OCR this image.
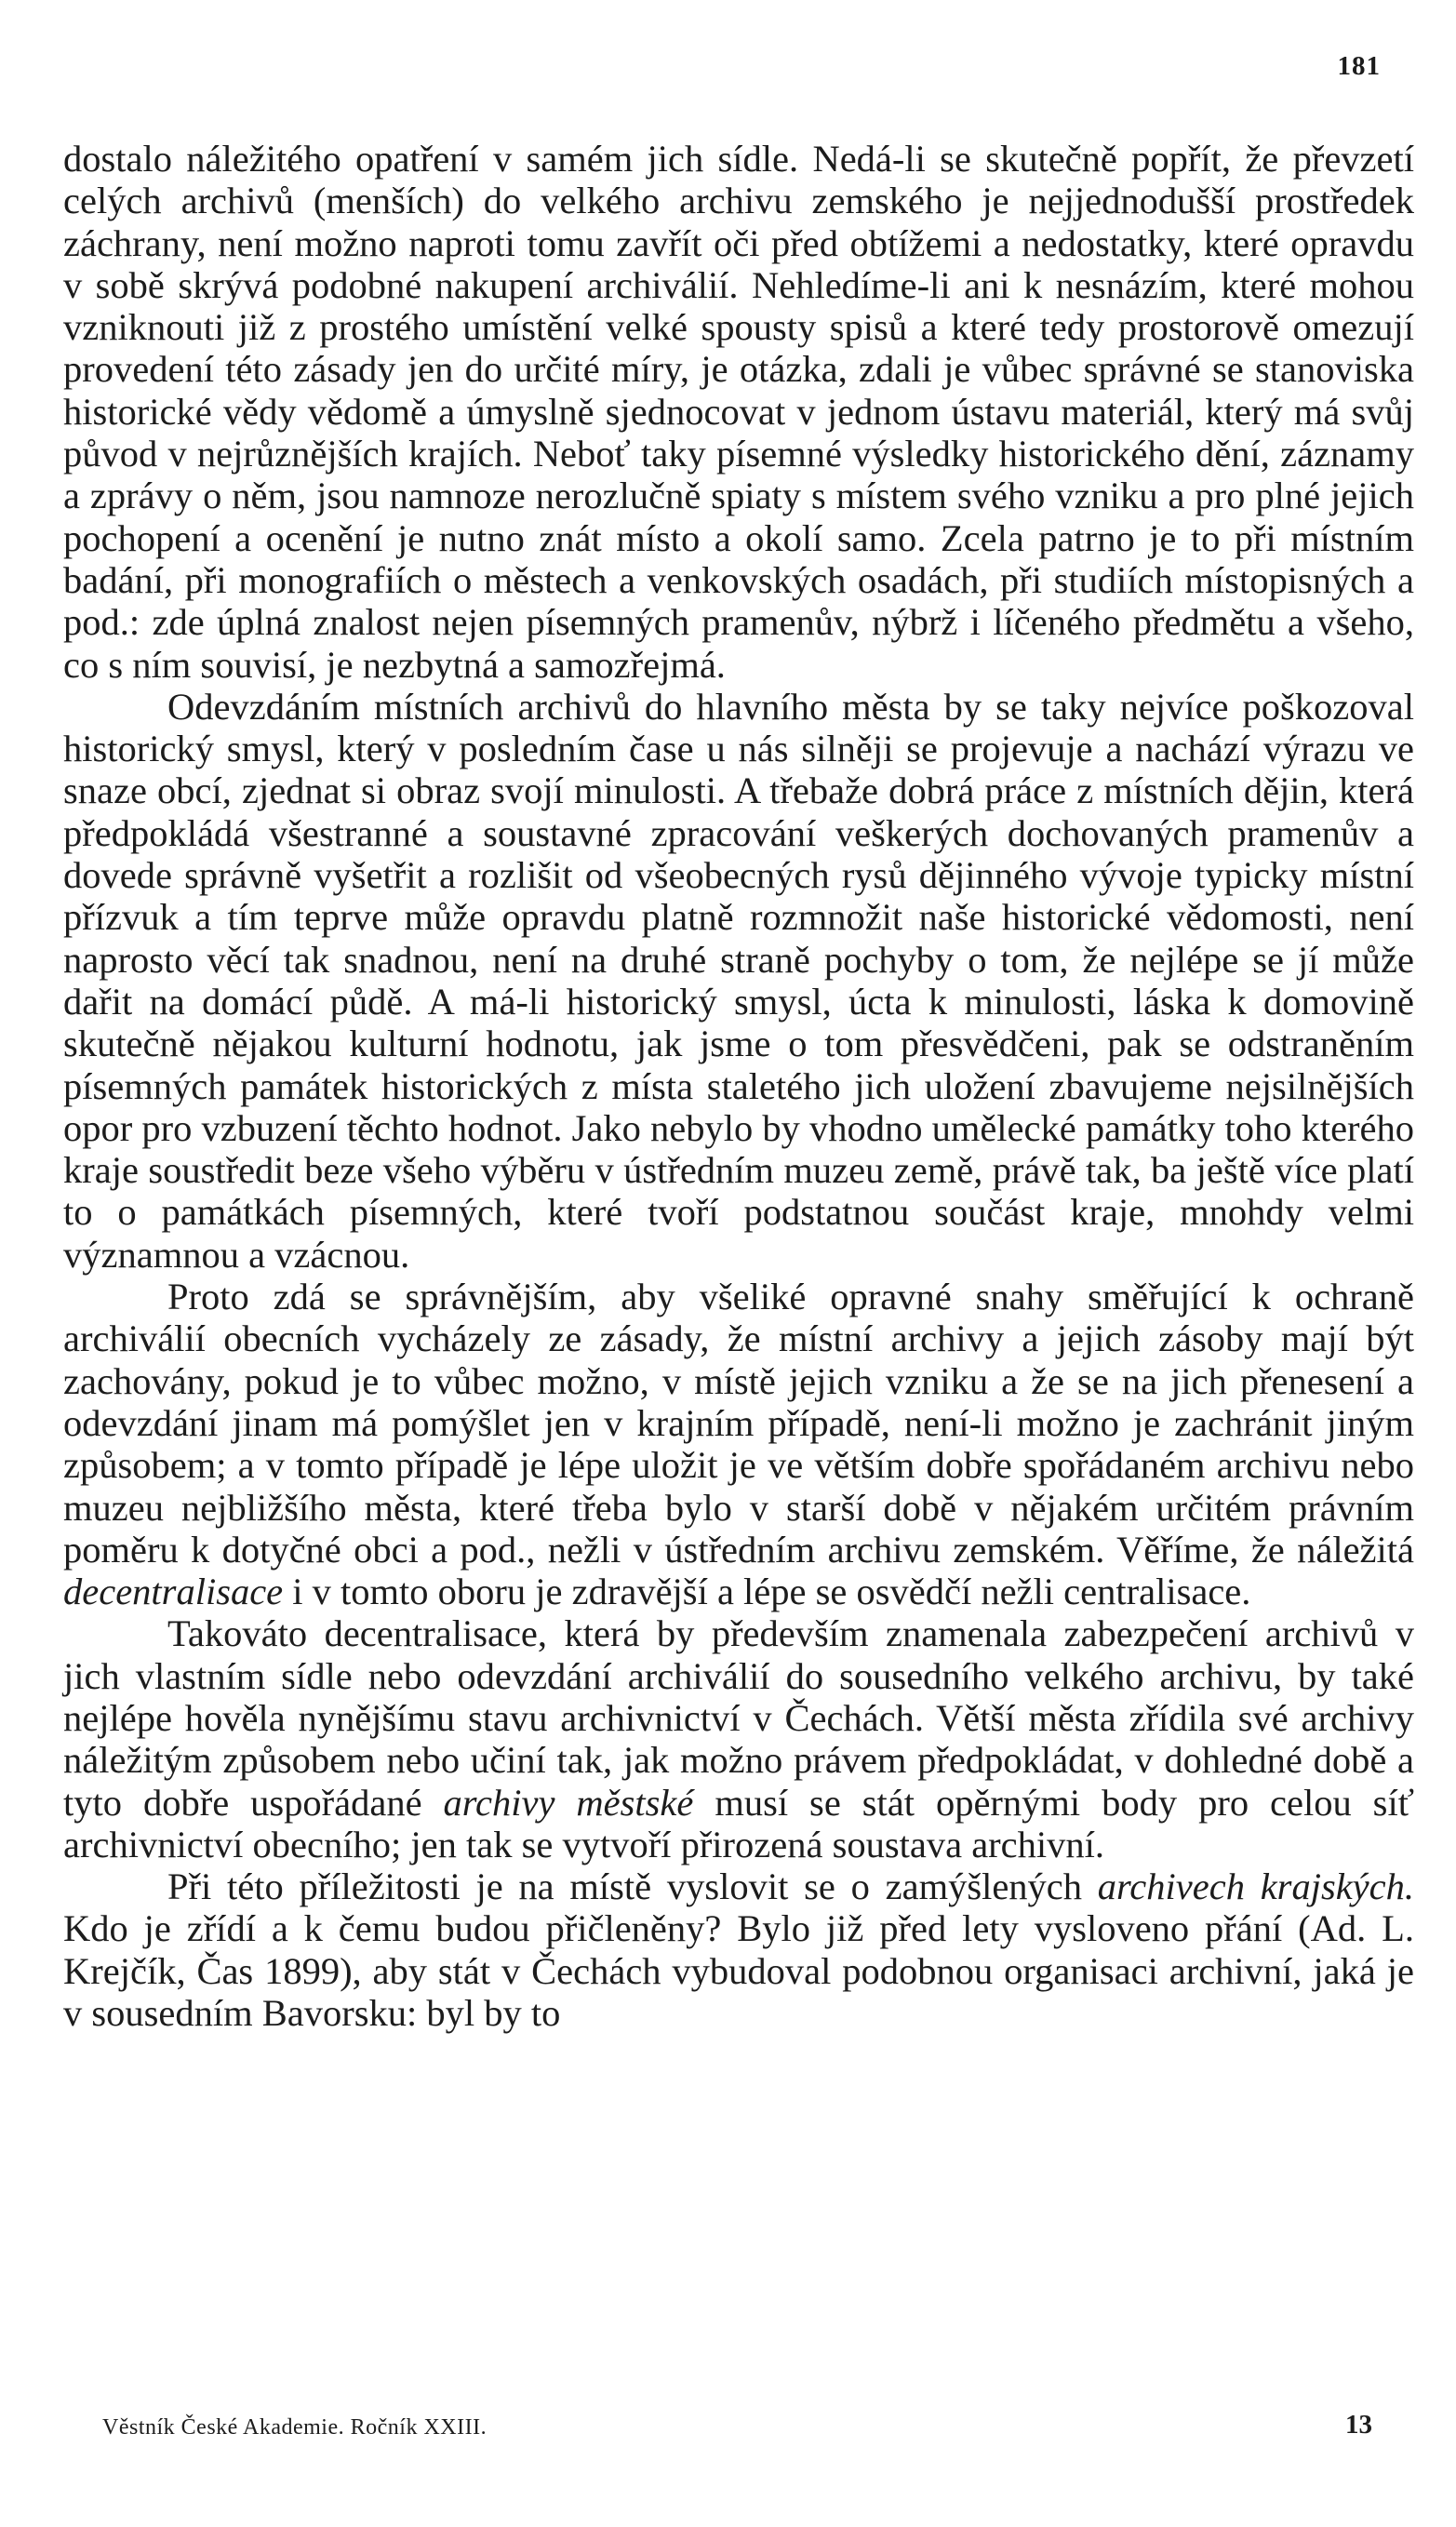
181

dostalo náležitého opatření v samém jich sídle. Nedá-li se skutečně popřít, že převzetí celých archivů (menších) do velkého archivu zemského je nejjednodušší prostředek záchrany, není možno naproti tomu zavřít oči před obtížemi a nedostatky, které opravdu v sobě skrývá podobné nakupení archiválií. Nehledíme-li ani k nesnázím, které mohou vzniknouti již z prostého umístění velké spousty spisů a které tedy prostorově omezují provedení této zásady jen do určité míry, je otázka, zdali je vůbec správné se stanoviska historické vědy vědomě a úmyslně sjednocovat v jednom ústavu materiál, který má svůj původ v nejrůznějších krajích. Neboť taky písemné výsledky historického dění, záznamy a zprávy o něm, jsou namnoze nerozlučně spiaty s místem svého vzniku a pro plné jejich pochopení a ocenění je nutno znát místo a okolí samo. Zcela patrno je to při místním badání, při monografiích o městech a venkovských osadách, při studiích místopisných a pod.: zde úplná znalost nejen písemných pramenův, nýbrž i líčeného předmětu a všeho, co s ním souvisí, je nezbytná a samozřejmá.

Odevzdáním místních archivů do hlavního města by se taky nejvíce poškozoval historický smysl, který v posledním čase u nás silněji se projevuje a nachází výrazu ve snaze obcí, zjednat si obraz svojí minulosti. A třebaže dobrá práce z místních dějin, která předpokládá všestranné a soustavné zpracování veškerých dochovaných pramenův a dovede správně vyšetřit a rozlišit od všeobecných rysů dějinného vývoje typicky místní přízvuk a tím teprve může opravdu platně rozmnožit naše historické vědomosti, není naprosto věcí tak snadnou, není na druhé straně pochyby o tom, že nejlépe se jí může dařit na domácí půdě. A má-li historický smysl, úcta k minulosti, láska k domovině skutečně nějakou kulturní hodnotu, jak jsme o tom přesvědčeni, pak se odstraněním písemných památek historických z místa staletého jich uložení zbavujeme nejsilnějších opor pro vzbuzení těchto hodnot. Jako nebylo by vhodno umělecké památky toho kterého kraje soustředit beze všeho výběru v ústředním muzeu země, právě tak, ba ještě více platí to o památkách písemných, které tvoří podstatnou součást kraje, mnohdy velmi významnou a vzácnou.

Proto zdá se správnějším, aby všeliké opravné snahy směřující k ochraně archiválií obecních vycházely ze zásady, že místní archivy a jejich zásoby mají být zachovány, pokud je to vůbec možno, v místě jejich vzniku a že se na jich přenesení a odevzdání jinam má pomýšlet jen v krajním případě, není-li možno je zachránit jiným způsobem; a v tomto případě je lépe uložit je ve větším dobře spořádaném archivu nebo muzeu nejbližšího města, které třeba bylo v starší době v nějakém určitém právním poměru k dotyčné obci a pod., nežli v ústředním archivu zemském. Věříme, že náležitá decentralisace i v tomto oboru je zdravější a lépe se osvědčí nežli centralisace.

Takováto decentralisace, která by především znamenala zabezpečení archivů v jich vlastním sídle nebo odevzdání archiválií do sousedního velkého archivu, by také nejlépe hověla nynějšímu stavu archivnictví v Čechách. Větší města zřídila své archivy náležitým způsobem nebo učiní tak, jak možno právem předpokládat, v dohledné době a tyto dobře uspořádané archivy městské musí se stát opěrnými body pro celou síť archivnictví obecního; jen tak se vytvoří přirozená soustava archivní.

Při této příležitosti je na místě vyslovit se o zamýšlených archivech krajských. Kdo je zřídí a k čemu budou přičleněny? Bylo již před lety vysloveno přání (Ad. L. Krejčík, Čas 1899), aby stát v Čechách vybudoval podobnou organisaci archivní, jaká je v sousedním Bavorsku: byl by to

Věstník České Akademie. Ročník XXIII.	13
